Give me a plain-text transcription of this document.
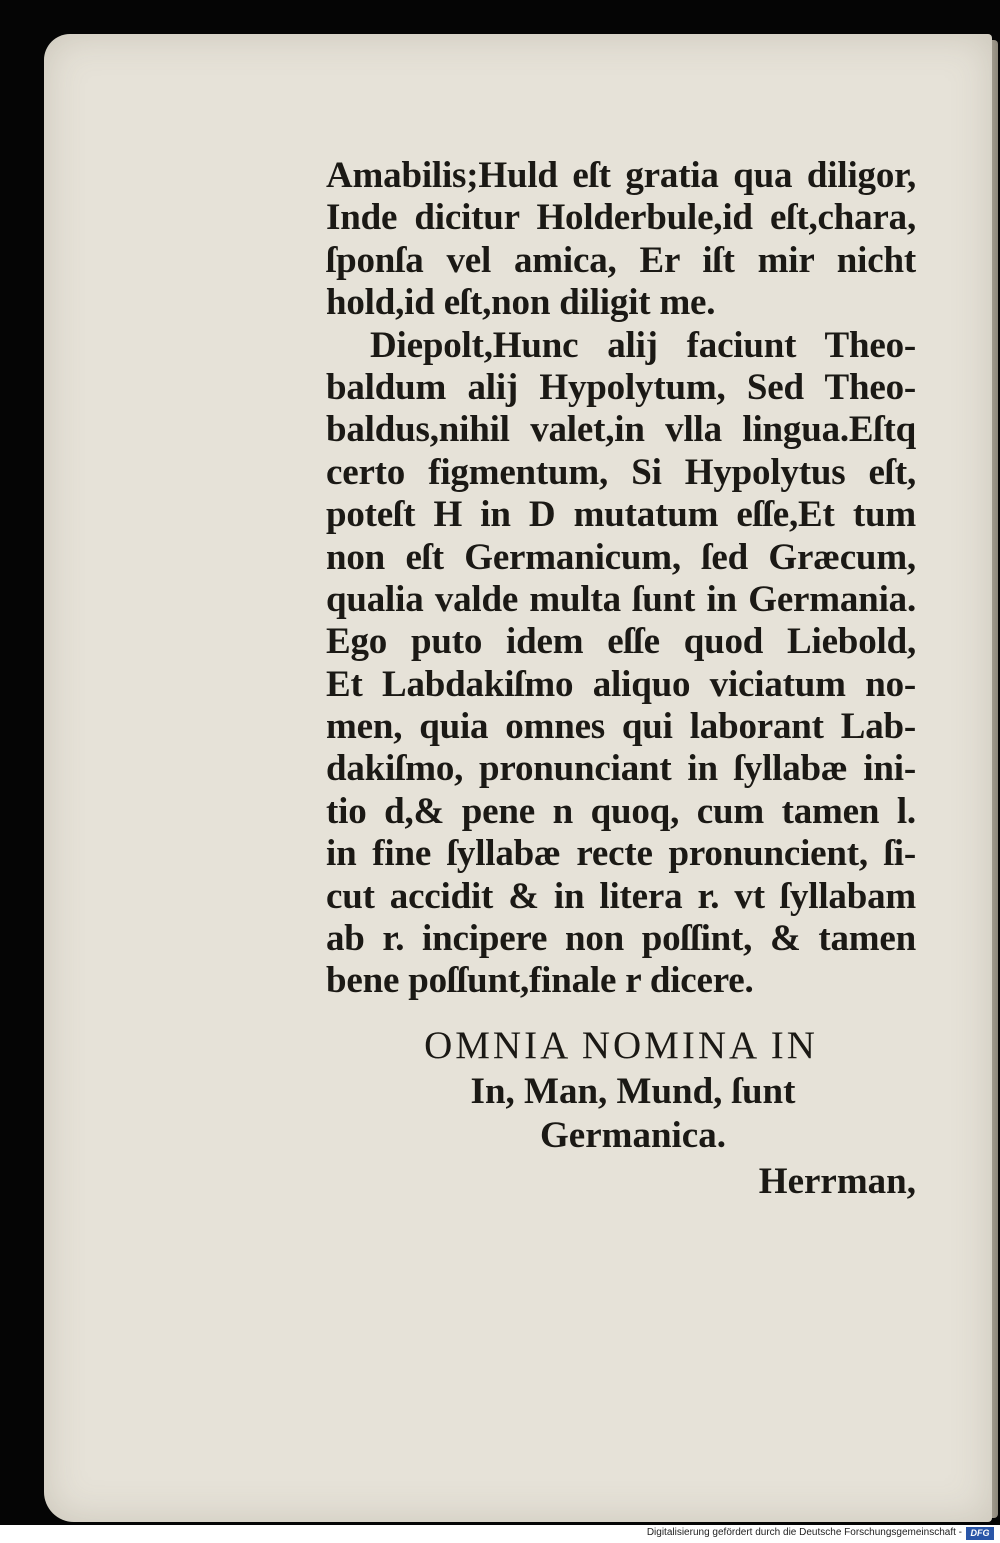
Amabilis;Huld eſt gratia qua diligor,
Inde dicitur Holderbule,id eſt,chara,
ſponſa vel amica, Er iſt mir nicht
hold,id eſt,non diligit me.
Diepolt,Hunc alij faciunt Theo-
baldum alij Hypolytum, Sed Theo-
baldus,nihil valet,in vlla lingua.Eſtq
certo figmentum, Si Hypolytus eſt,
poteſt H in D mutatum eſſe,Et tum
non eſt Germanicum, ſed Græcum,
qualia valde multa ſunt in Germania.
Ego puto idem eſſe quod Liebold,
Et Labdakiſmo aliquo viciatum no-
men, quia omnes qui laborant Lab-
dakiſmo, pronunciant in ſyllabæ ini-
tio d,& pene n quoq, cum tamen l.
in fine ſyllabæ recte pronuncient, ſi-
cut accidit & in litera r. vt ſyllabam
ab r. incipere non poſſint, & tamen
bene poſſunt,finale r dicere.
OMNIA NOMINA IN
In, Man, Mund, ſunt
Germanica.
Herrman,
Digitalisierung gefördert durch die Deutsche Forschungsgemeinschaft - DFG
